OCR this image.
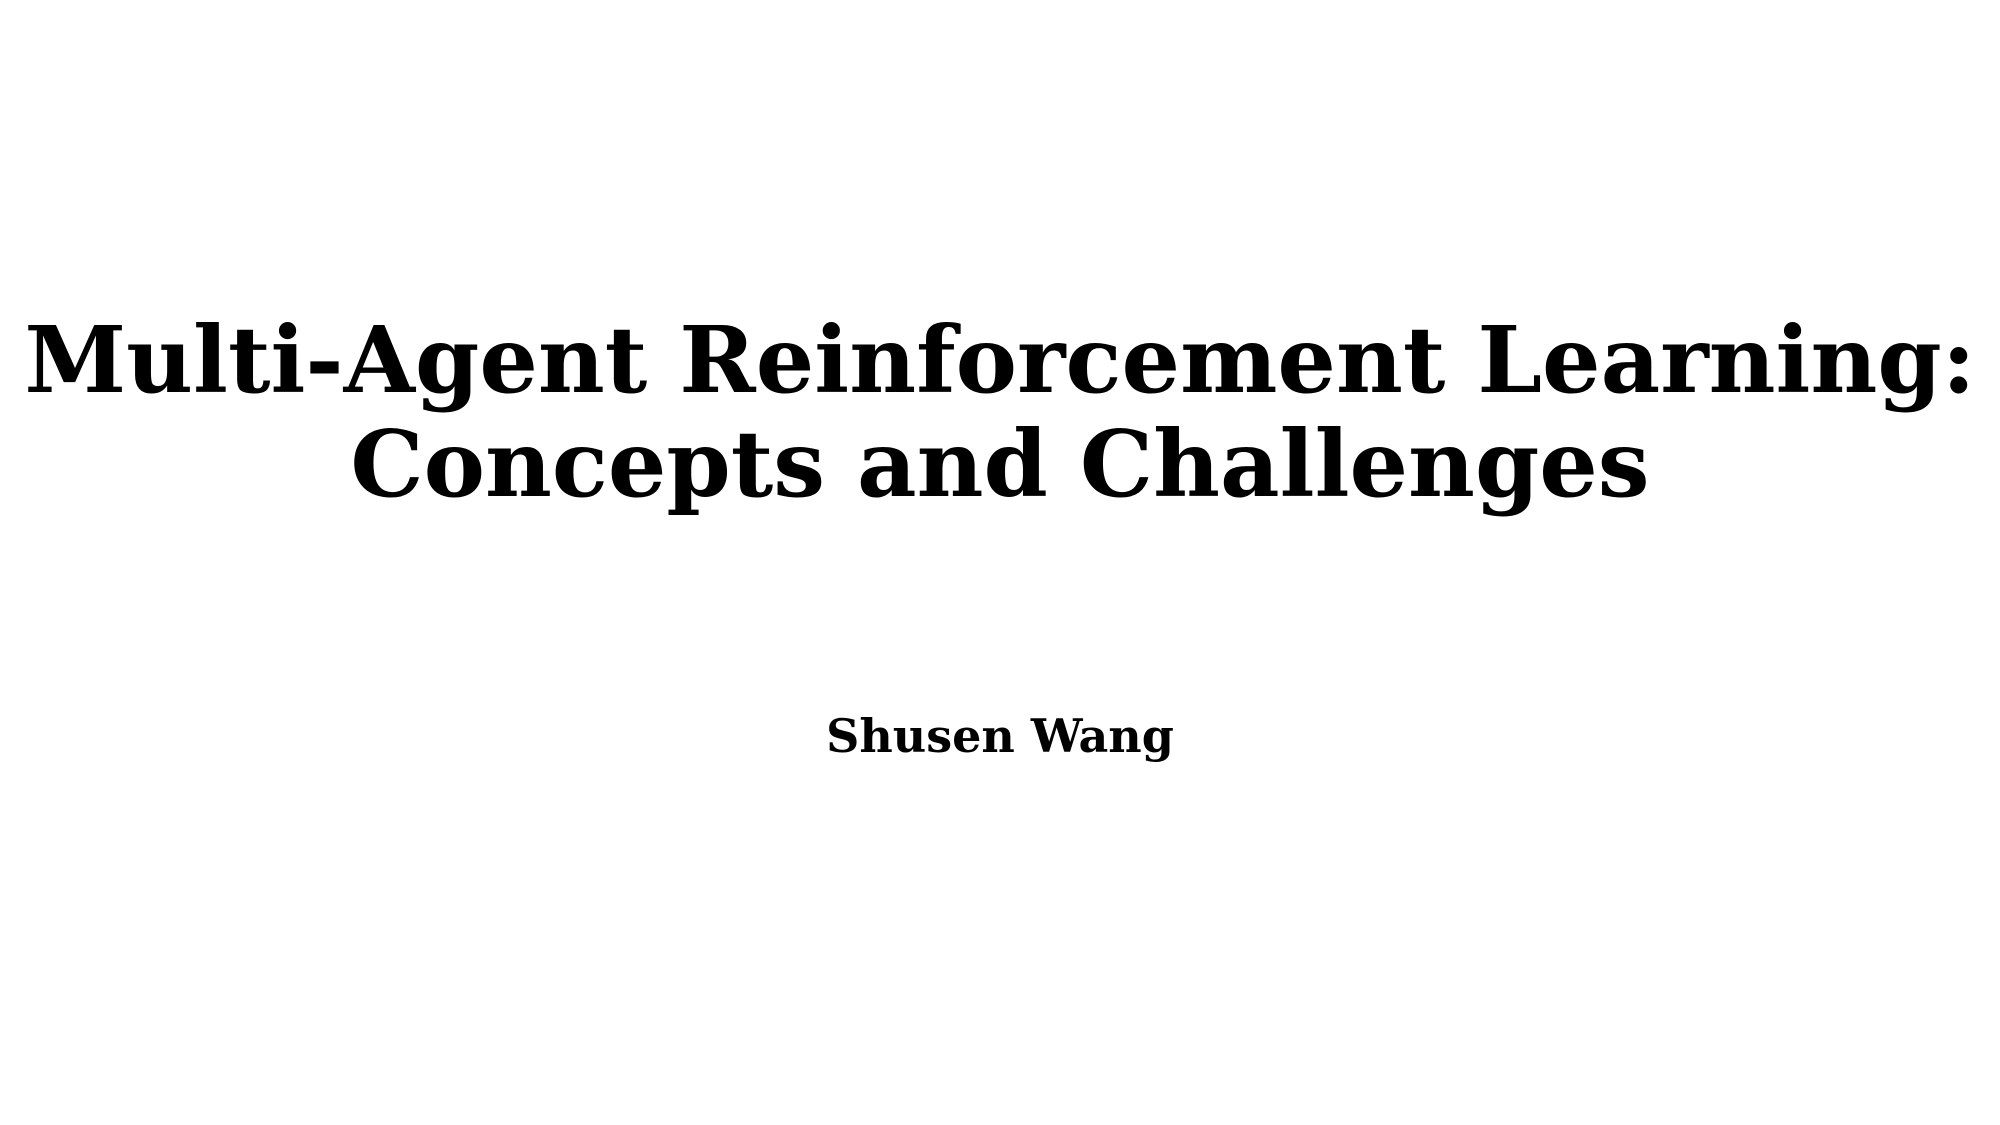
Multi-Agent Reinforcement Learning:
Concepts and Challenges
Shusen Wang
